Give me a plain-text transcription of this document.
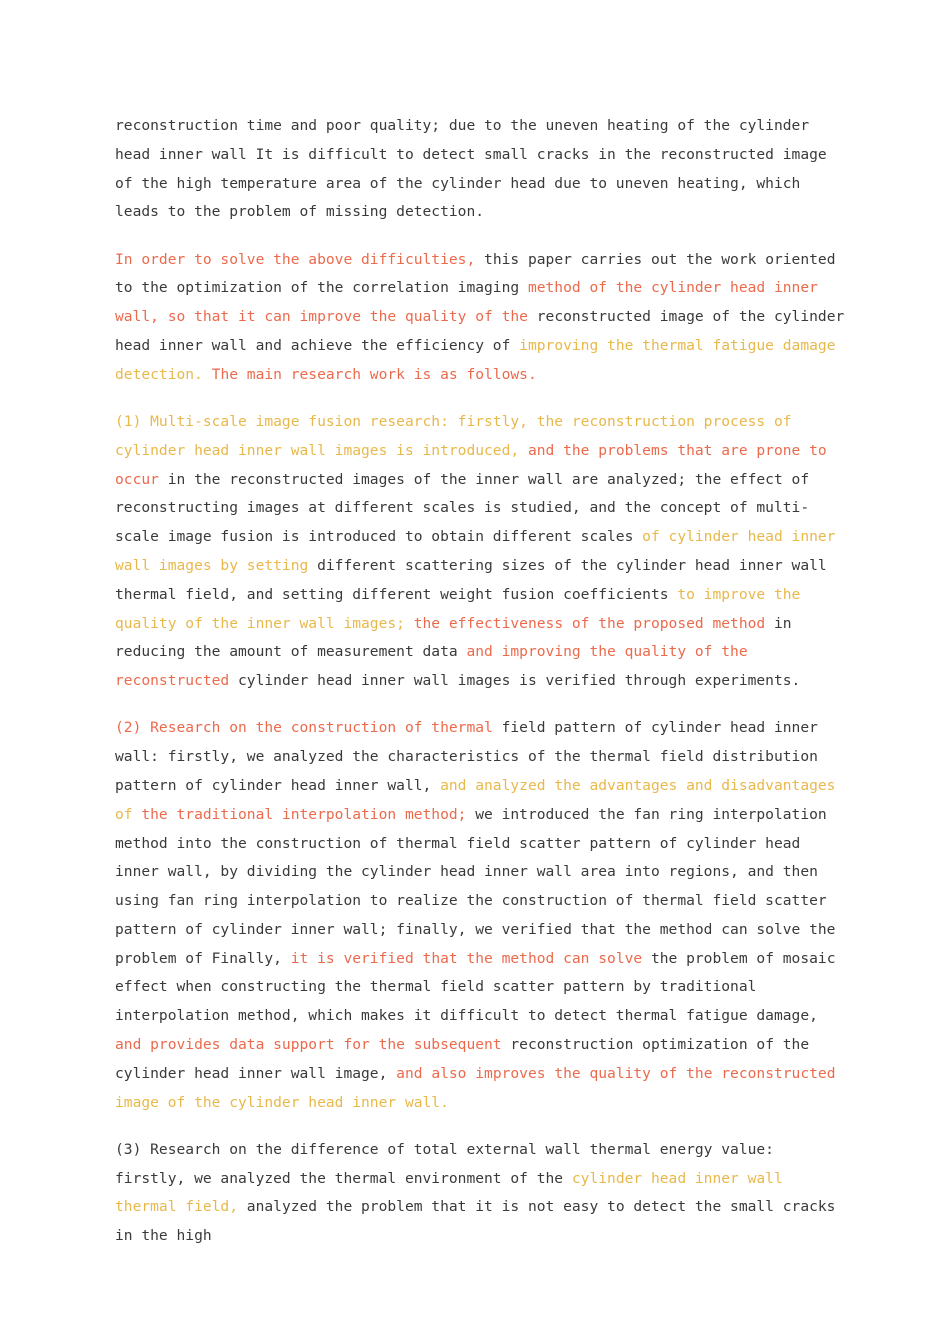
reconstruction time and poor quality; due to the uneven heating of the cylinder head inner wall It is difficult to detect small cracks in the reconstructed image of the high temperature area of the cylinder head due to uneven heating, which leads to the problem of missing detection.

In order to solve the above difficulties, this paper carries out the work oriented to the optimization of the correlation imaging method of the cylinder head inner wall, so that it can improve the quality of the reconstructed image of the cylinder head inner wall and achieve the efficiency of improving the thermal fatigue damage detection. The main research work is as follows.

(1) Multi-scale image fusion research: firstly, the reconstruction process of cylinder head inner wall images is introduced, and the problems that are prone to occur in the reconstructed images of the inner wall are analyzed; the effect of reconstructing images at different scales is studied, and the concept of multi-scale image fusion is introduced to obtain different scales of cylinder head inner wall images by setting different scattering sizes of the cylinder head inner wall thermal field, and setting different weight fusion coefficients to improve the quality of the inner wall images; the effectiveness of the proposed method in reducing the amount of measurement data and improving the quality of the reconstructed cylinder head inner wall images is verified through experiments.

(2) Research on the construction of thermal field pattern of cylinder head inner wall: firstly, we analyzed the characteristics of the thermal field distribution pattern of cylinder head inner wall, and analyzed the advantages and disadvantages of the traditional interpolation method; we introduced the fan ring interpolation method into the construction of thermal field scatter pattern of cylinder head inner wall, by dividing the cylinder head inner wall area into regions, and then using fan ring interpolation to realize the construction of thermal field scatter pattern of cylinder inner wall; finally, we verified that the method can solve the problem of Finally, it is verified that the method can solve the problem of mosaic effect when constructing the thermal field scatter pattern by traditional interpolation method, which makes it difficult to detect thermal fatigue damage, and provides data support for the subsequent reconstruction optimization of the cylinder head inner wall image, and also improves the quality of the reconstructed image of the cylinder head inner wall.

(3) Research on the difference of total external wall thermal energy value: firstly, we analyzed the thermal environment of the cylinder head inner wall thermal field, analyzed the problem that it is not easy to detect the small cracks in the high
